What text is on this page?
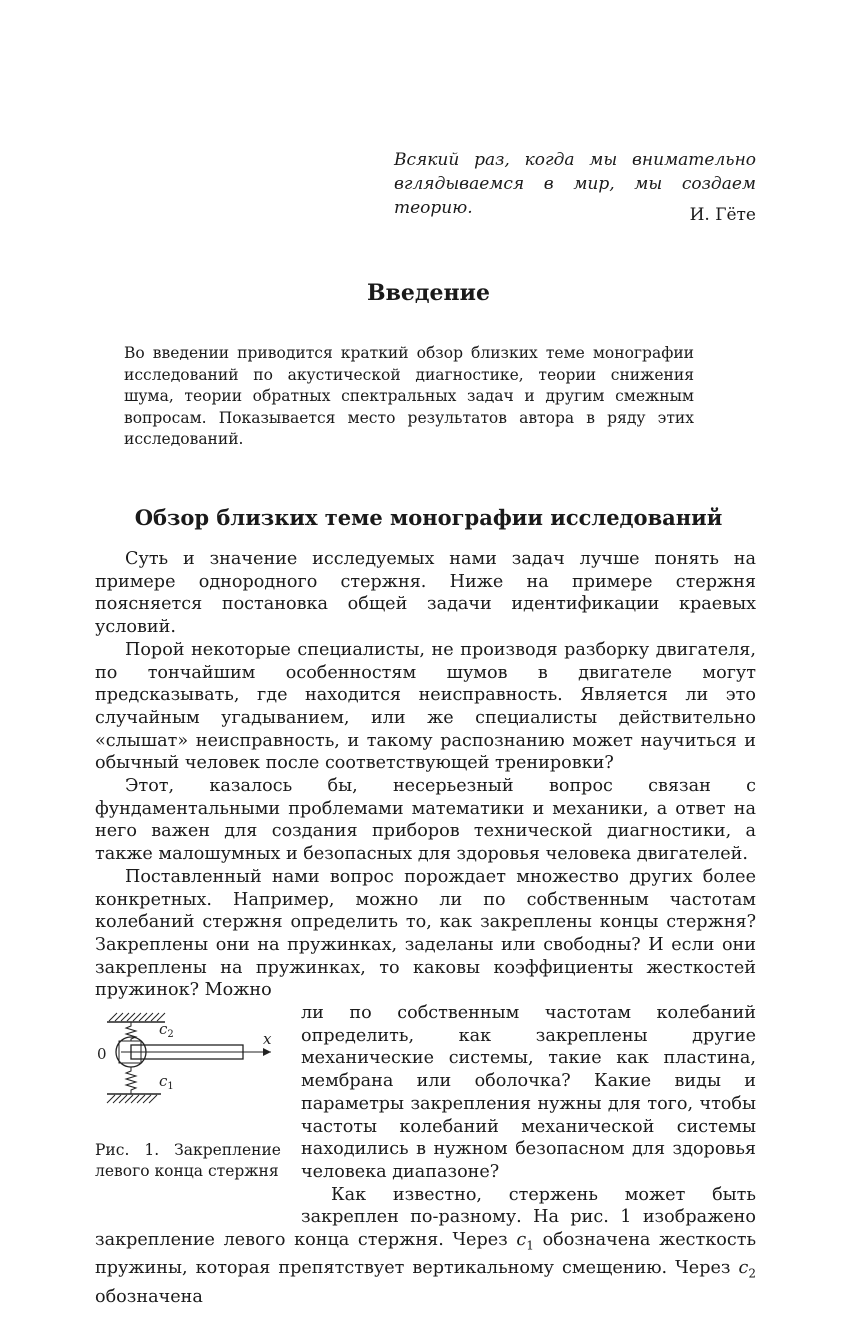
Всякий раз, когда мы внимательно вглядываемся в мир, мы создаем теорию.	И. Гёте
Введение
Во введении приводится краткий обзор близких теме монографии исследований по акустической диагностике, теории снижения шума, теории обратных спектральных задач и другим смежным вопросам. Показывается место результатов автора в ряду этих исследований.
Обзор близких теме монографии исследований

Суть и значение исследуемых нами задач лучше понять на примере однородного стержня. Ниже на примере стержня поясняется постановка общей задачи идентификации краевых условий.

Порой некоторые специалисты, не производя разборку двигателя, по тончайшим особенностям шумов в двигателе могут предсказывать, где находится неисправность. Является ли это случайным угадыванием, или же специалисты действительно «слышат» неисправность, и такому распознанию может научиться и обычный человек после соответствующей тренировки?

Этот, казалось бы, несерьезный вопрос связан с фундаментальными проблемами математики и механики, а ответ на него важен для создания приборов технической диагностики, а также малошумных и безопасных для здоровья человека двигателей.

Поставленный нами вопрос порождает множество других более конкретных. Например, можно ли по собственным частотам колебаний стержня определить то, как закреплены концы стержня? Закреплены они на пружинках, заделаны или свободны? И если они закреплены на пружинках, то каковы коэффициенты жесткостей пружинок? Можно

$c_2$	x
0
$c_1$
Рис. 1. Закрепление левого конца стержня

ли по собственным частотам колебаний определить, как закреплены другие механические системы, такие как пластина, мембрана или оболочка? Какие виды и параметры закрепления нужны для того, чтобы частоты колебаний механической системы находились в нужном безопасном для здоровья человека диапазоне?

Как известно, стержень может быть закреплен по-разному. На рис. 1 изображено закрепление левого конца стержня. Через $c_1$ обозначена жесткость пружины, которая препятствует вертикальному смещению. Через $c_2$ обозначена
